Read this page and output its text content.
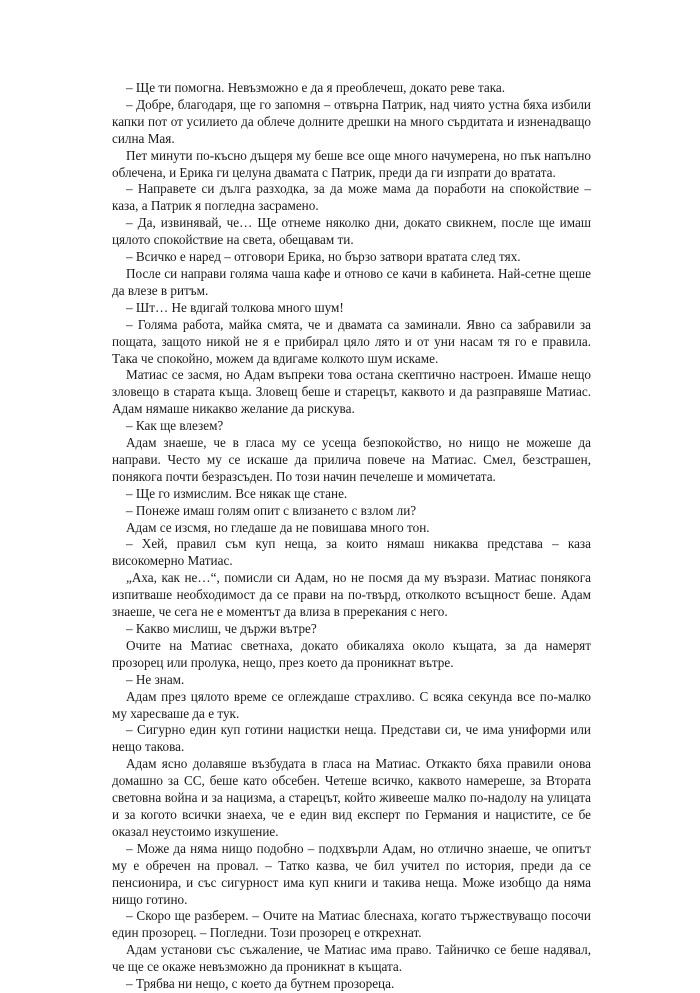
– Ще ти помогна. Невъзможно е да я преоблечеш, докато реве така.

– Добре, благодаря, ще го запомня – отвърна Патрик, над чиято устна бяха избили капки пот от усилието да облече долните дрешки на много сърдитата и изненадващо силна Мая.

Пет минути по-късно дъщеря му беше все още много начумерена, но пък напълно облечена, и Ерика ги целуна двамата с Патрик, преди да ги изпрати до вратата.

– Направете си дълга разходка, за да може мама да поработи на спокойствие – каза, а Патрик я погледна засрамено.

– Да, извинявай, че… Ще отнеме няколко дни, докато свикнем, после ще имаш цялото спокойствие на света, обещавам ти.

– Всичко е наред – отговори Ерика, но бързо затвори вратата след тях.

После си направи голяма чаша кафе и отново се качи в кабинета. Най-сетне щеше да влезе в ритъм.

– Шт… Не вдигай толкова много шум!

– Голяма работа, майка смята, че и двамата са заминали. Явно са забравили за пощата, защото никой не я е прибирал цяло лято и от уни насам тя го е правила. Така че спокойно, можем да вдигаме колкото шум искаме.

Матиас се засмя, но Адам въпреки това остана скептично настроен. Имаше нещо зловещо в старата къща. Зловещ беше и старецът, каквото и да разправяше Матиас. Адам нямаше никакво желание да рискува.

– Как ще влезем?

Адам знаеше, че в гласа му се усеща безпокойство, но нищо не можеше да направи. Често му се искаше да прилича повече на Матиас. Смел, безстрашен, понякога почти безразсъден. По този начин печелеше и момичетата.

– Ще го измислим. Все някак ще стане.

– Понеже имаш голям опит с влизането с взлом ли?

Адам се изсмя, но гледаше да не повишава много тон.

– Хей, правил съм куп неща, за които нямаш никаква представа – каза високомерно Матиас.

„Аха, как не…“, помисли си Адам, но не посмя да му възрази. Матиас понякога изпитваше необходимост да се прави на по-твърд, отколкото всъщност беше. Адам знаеше, че сега не е моментът да влиза в пререкания с него.

– Какво мислиш, че държи вътре?

Очите на Матиас светнаха, докато обикаляха около къщата, за да намерят прозорец или пролука, нещо, през което да проникнат вътре.

– Не знам.

Адам през цялото време се оглеждаше страхливо. С всяка секунда все по-малко му харесваше да е тук.

– Сигурно един куп готини нацистки неща. Представи си, че има униформи или нещо такова.

Адам ясно долавяше възбудата в гласа на Матиас. Откакто бяха правили онова домашно за СС, беше като обсебен. Четеше всичко, каквото намереше, за Втората световна война и за нацизма, а старецът, който живееше малко по-надолу на улицата и за когото всички знаеха, че е един вид експерт по Германия и нацистите, се бе оказал неустоимо изкушение.

– Може да няма нищо подобно – подхвърли Адам, но отлично знаеше, че опитът му е обречен на провал. – Татко казва, че бил учител по история, преди да се пенсионира, и със сигурност има куп книги и такива неща. Може изобщо да няма нищо готино.

– Скоро ще разберем. – Очите на Матиас блеснаха, когато тържествуващо посочи един прозорец. – Погледни. Този прозорец е открехнат.

Адам установи със съжаление, че Матиас има право. Тайничко се беше надявал, че ще се окаже невъзможно да проникнат в къщата.

– Трябва ни нещо, с което да бутнем прозореца.
